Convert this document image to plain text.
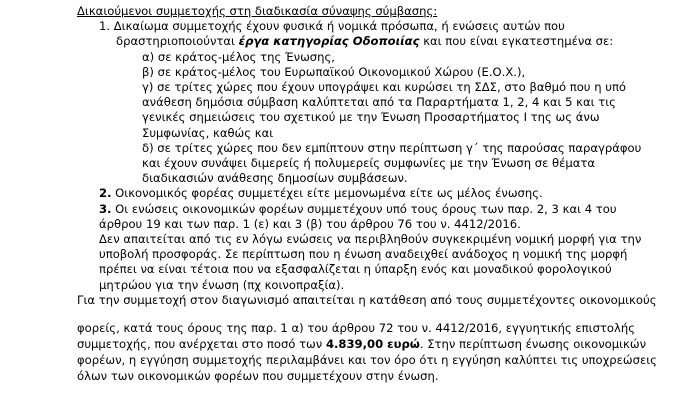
Δικαιούμενοι συμμετοχής στη διαδικασία σύναψης σύμβασης:
1. Δικαίωμα συμμετοχής έχουν φυσικά ή νομικά πρόσωπα, ή ενώσεις αυτών που
δραστηριοποιούνται έργα κατηγορίας Οδοποιίας και που είναι εγκατεστημένα σε:
α) σε κράτος-μέλος της Ένωσης,
β) σε κράτος-μέλος του Ευρωπαϊκού Οικονομικού Χώρου (Ε.Ο.Χ.),
γ) σε τρίτες χώρες που έχουν υπογράψει και κυρώσει τη ΣΔΣ, στο βαθμό που η υπό
ανάθεση δημόσια σύμβαση καλύπτεται από τα Παραρτήματα 1, 2, 4 και 5 και τις
γενικές σημειώσεις του σχετικού με την Ένωση Προσαρτήματος I της ως άνω
Συμφωνίας, καθώς και
δ) σε τρίτες χώρες που δεν εμπίπτουν στην περίπτωση γ΄ της παρούσας παραγράφου
και έχουν συνάψει διμερείς ή πολυμερείς συμφωνίες με την Ένωση σε θέματα
διαδικασιών ανάθεσης δημοσίων συμβάσεων.
2. Οικονομικός φορέας συμμετέχει είτε μεμονωμένα είτε ως μέλος ένωσης.
3. Οι ενώσεις οικονομικών φορέων συμμετέχουν υπό τους όρους των παρ. 2, 3 και 4 του
άρθρου 19 και των παρ. 1 (ε) και 3 (β) του άρθρου 76 του ν. 4412/2016.
Δεν απαιτείται από τις εν λόγω ενώσεις να περιβληθούν συγκεκριμένη νομική μορφή για την
υποβολή προσφοράς. Σε περίπτωση που η ένωση αναδειχθεί ανάδοχος η νομική της μορφή
πρέπει να είναι τέτοια που να εξασφαλίζεται η ύπαρξη ενός και μοναδικού φορολογικού
μητρώου για την ένωση (πχ κοινοπραξία).
Για την συμμετοχή στον διαγωνισμό απαιτείται η κατάθεση από τους συμμετέχοντες οικονομικούς
φορείς, κατά τους όρους της παρ. 1 α) του άρθρου 72 του ν. 4412/2016, εγγυητικής επιστολής
συμμετοχής, που ανέρχεται στο ποσό των 4.839,00 ευρώ. Στην περίπτωση ένωσης οικονομικών
φορέων, η εγγύηση συμμετοχής περιλαμβάνει και τον όρο ότι η εγγύηση καλύπτει τις υποχρεώσεις
όλων των οικονομικών φορέων που συμμετέχουν στην ένωση.
